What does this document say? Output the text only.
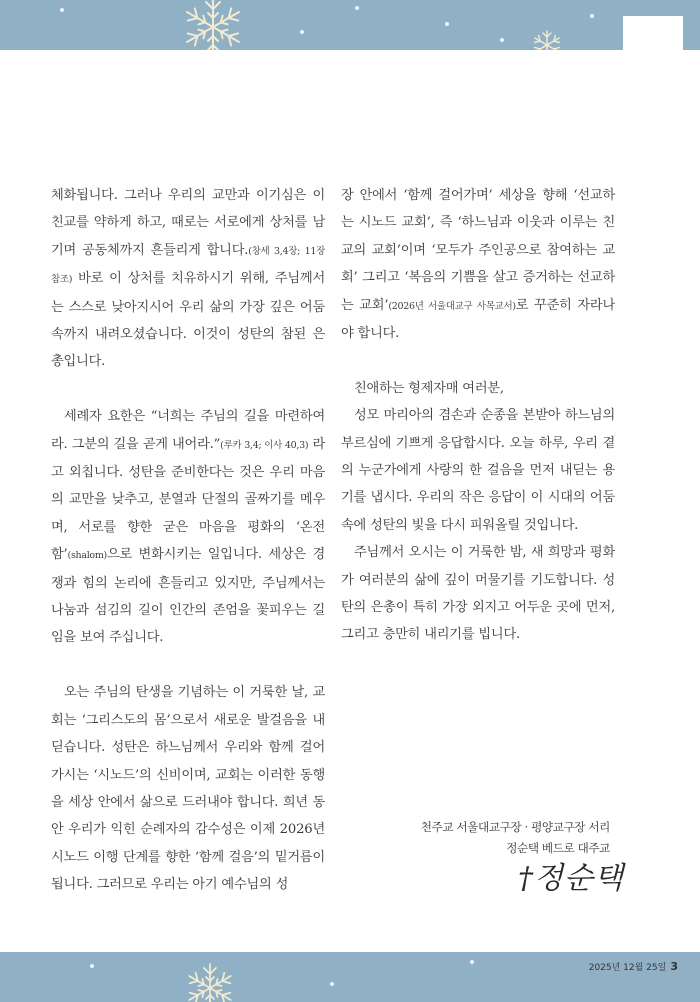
체화됩니다. 그러나 우리의 교만과 이기심은 이 친교를 약하게 하고, 때로는 서로에게 상처를 남기며 공동체까지 흔들리게 합니다.(창세 3,4장; 11장 참조) 바로 이 상처를 치유하시기 위해, 주님께서는 스스로 낮아지시어 우리 삶의 가장 깊은 어둠 속까지 내려오셨습니다. 이것이 성탄의 참된 은총입니다.

세례자 요한은 “너희는 주님의 길을 마련하여라. 그분의 길을 곧게 내어라.”(루카 3,4; 이사 40,3) 라고 외칩니다. 성탄을 준비한다는 것은 우리 마음의 교만을 낮추고, 분열과 단절의 골짜기를 메우며, 서로를 향한 굳은 마음을 평화의 ‘온전함’(shalom)으로 변화시키는 일입니다. 세상은 경쟁과 힘의 논리에 흔들리고 있지만, 주님께서는 나눔과 섬김의 길이 인간의 존엄을 꽃피우는 길임을 보여 주십니다.

오는 주님의 탄생을 기념하는 이 거룩한 날, 교회는 ‘그리스도의 몸’으로서 새로운 발걸음을 내딛습니다. 성탄은 하느님께서 우리와 함께 걸어가시는 ‘시노드’의 신비이며, 교회는 이러한 동행을 세상 안에서 삶으로 드러내야 합니다. 희년 동안 우리가 익힌 순례자의 감수성은 이제 2026년 시노드 이행 단계를 향한 ‘함께 걸음’의 밑거름이 됩니다. 그러므로 우리는 아기 예수님의 성

장 안에서 ‘함께 걸어가며’ 세상을 향해 ‘선교하는 시노드 교회’, 즉 ‘하느님과 이웃과 이루는 친교의 교회’이며 ‘모두가 주인공으로 참여하는 교회’ 그리고 ‘복음의 기쁨을 살고 증거하는 선교하는 교회’(2026년 서울대교구 사목교서)로 꾸준히 자라나야 합니다.

친애하는 형제자매 여러분,

성모 마리아의 겸손과 순종을 본받아 하느님의 부르심에 기쁘게 응답합시다. 오늘 하루, 우리 곁의 누군가에게 사랑의 한 걸음을 먼저 내딛는 용기를 냅시다. 우리의 작은 응답이 이 시대의 어둠 속에 성탄의 빛을 다시 피워올릴 것입니다.

주님께서 오시는 이 거룩한 밤, 새 희망과 평화가 여러분의 삶에 깊이 머물기를 기도합니다. 성탄의 은총이 특히 가장 외지고 어두운 곳에 먼저, 그리고 충만히 내리기를 빕니다.

천주교 서울대교구장 · 평양교구장 서리
정순택 베드로 대주교
†정순택
2025년 12월 25일 3
